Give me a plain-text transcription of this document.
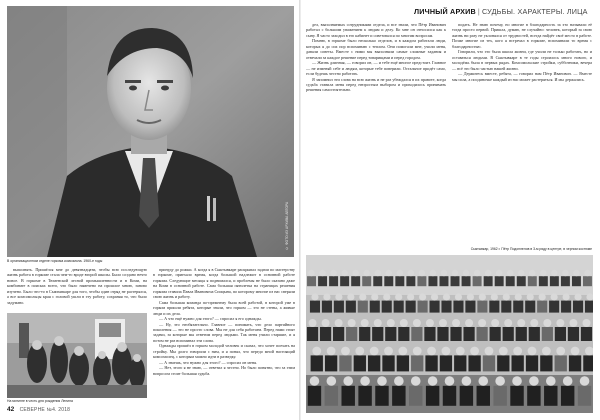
© ФОТО ИЗ АРХИВА АВТОРА
В организационном отделе горкома комсомола. 1960-е годы

выполнять. Пришёлся мне до девятнадцати, чтобы всю последующую жизнь работа в горкоме стала чем-то вроде второй школы. Было создано нечто новое. В горкоме в Тюменской лесной промышленности и в Коми, на комбинате в поисках всего, что было намечено на прошлое мною, заново изучено. Было что-то в Сыктывкаре для того, чтобы один отряд не растерялся, а все комсомольцы края с головой ушли в эту работу, сохраняя то, что было задумано.

принуду до рожки. А когда я в Сыктывкаре раскрывал задачи по мастерству в горкоме, приехало время, когда большой надлежит в основной работе горкома. Следующие месяцы я поднимался, и проблемы не было сказано даже на Коми в основной работе. Сама большая пятилетка на страницах решения горкома ставила Павла Ивановича Спицына, по которому многие из нас сверяли свою жизнь и работу.

Сама большая команда по-прежнему была всей работой, в которой уже в горком пришли ребята, которые знали, что горком — это не стены, а живые люди и их дела.

— А что ещё нужно для этого? — спросил я его однажды.

— Ну, это необязательно. Главное — понимать, что дело партийного поколения — это не просто слова. Мы не для себя работаем. Перед нами стоят задачи, за которые мы ответим перед людьми. Так меня учили старшие, и я потом не раз вспоминал эти слова.

Однажды пришёл в горком молодой человек и сказал, что хочет поехать на стройку. Мы долго говорили с ним, и я понял, что передо мной настоящий комсомолец, с которым можно идти в разведку.

— А знаешь, что нужно для этого? — спросил он меня.

— Нет, этого я не знаю, — ответил я честно. Но было понятно, что за этим вопросом стоит большая судьба.

На митинге в честь дня рождения Ленина
42 СЕВЕРНЕ №4. 2018
ЛИЧНЫЙ АРХИВ | СУДЬБЫ. ХАРАКТЕРЫ. ЛИЦА

дел, выполняемых сотрудниками отдела, и все знали, что Пётр Иванович работал с большим уважением к людям и делу. Ко мне он относился как к сыну. Я часто заходил в его кабинет и советовался по многим вопросам.

Помню, в горкоме было несколько отделов, и в каждом работали люди, которых я до сих пор вспоминаю с теплом. Они помогали мне, учили меня, давали советы. Вместе с ними мы выполняли самые сложные задания и отвечали за каждое решение перед товарищами и перед городом.

— Жизнь длинная, — говорил он, — и тебе ещё многое предстоит. Главное — не изменяй себе и людям, которые тебе поверили. Остальное придёт само, если будешь честно работать.

Я запомнил эти слова на всю жизнь и не раз убеждался в их правоте, когда судьба ставила меня перед непростым выбором и приходилось принимать решения самостоятельно.

подать. Не знаю почему, но многие в благодарность за это называли её тогда просто первой. Пришла, думаю, не случайно: человек, который за свою жизнь ни разу не уклонялся от трудностей, всегда найдёт своё место в работе. Позже многие из тех, кого я встречал в горкоме, вспоминали то время с благодарностью.

Говорили, что это была школа жизни, где учили не только работать, но и оставаться людьми. В Сыктывкаре в те годы строилось много нового, и молодёжь была в первых рядах. Комсомольские стройки, субботники, вечера — всё это было частью нашей жизни.

— Держитесь вместе, ребята, — говорил нам Пётр Иванович. — Вместе мы сила, а поодиночке каждый из нас может растеряться. И мы держались.

Сыктывкар, 1962 г. Пётр Подоплелов в 3-м ряду в центре, в черном костюме
